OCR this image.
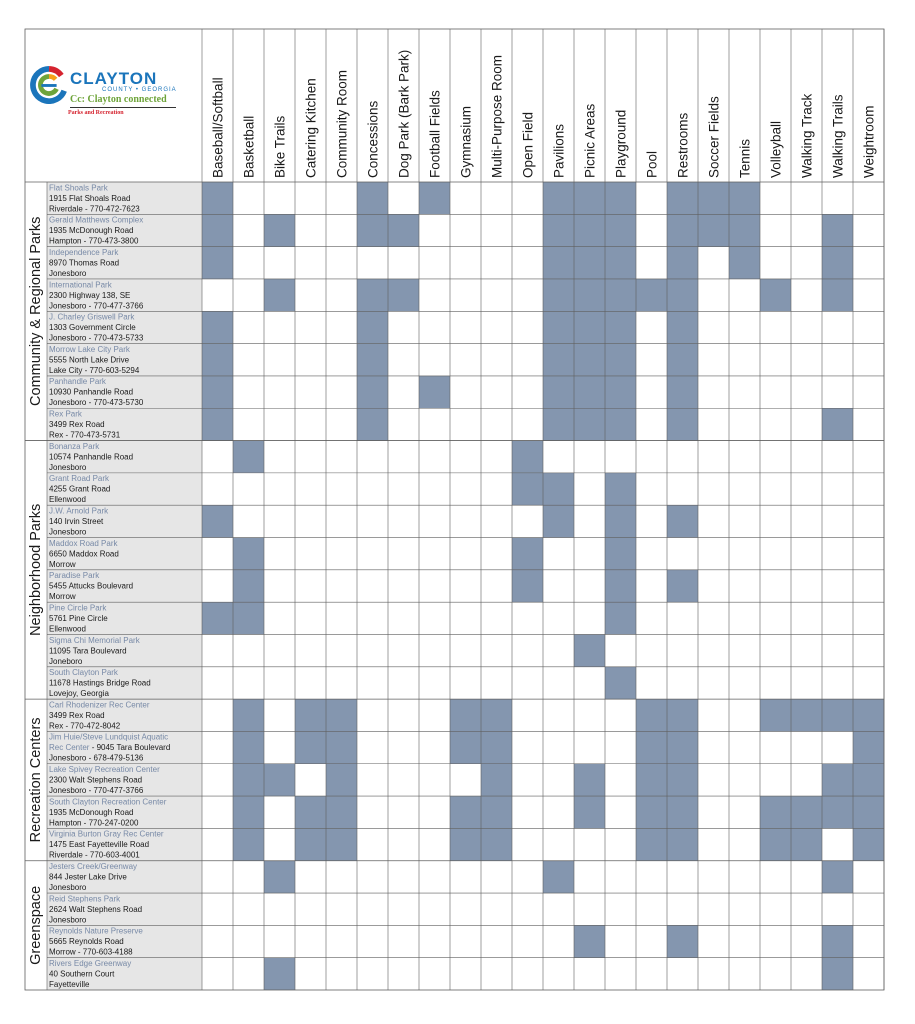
CLAYTON
COUNTY • GEORGIA
Cc: Clayton connected
Parks and Recreation	Baseball/Softball Basketball Bike Trails Catering Kitchen Community Room Concessions Dog Park (Bark Park) Football Fields Gymnasium Multi-Purpose Room Open Field Pavilions Picnic Areas Playground Pool Restrooms Soccer Fields Tennis Volleyball Walking Track Walking Trails Weightroom
Community & Regional Parks
Flat Shoals Park
1915 Flat Shoals Road
Riverdale - 770-472-7623
Gerald Matthews Complex
1935 McDonough Road
Hampton - 770-473-3800
Independence Park
8970 Thomas Road
Jonesboro
International Park
2300 Highway 138, SE
Jonesboro - 770-477-3766
J. Charley Griswell Park
1303 Government Circle
Jonesboro - 770-473-5733
Morrow Lake City Park
5555 North Lake Drive
Lake City - 770-603-5294
Panhandle Park
10930 Panhandle Road
Jonesboro - 770-473-5730
Rex Park
3499 Rex Road
Rex - 770-473-5731
Neighborhood Parks
Bonanza Park
10574 Panhandle Road
Jonesboro
Grant Road Park
4255 Grant Road
Ellenwood
J.W. Arnold Park
140 Irvin Street
Jonesboro
Maddox Road Park
6650 Maddox Road
Morrow
Paradise Park
5455 Attucks Boulevard
Morrow
Pine Circle Park
5761 Pine Circle
Ellenwood
Sigma Chi Memorial Park
11095 Tara Boulevard
Joneboro
South Clayton Park
11678 Hastings Bridge Road
Lovejoy, Georgia
Recreation Centers
Carl Rhodenizer Rec Center
3499 Rex Road
Rex - 770-472-8042
Jim Huie/Steve Lundquist Aquatic
Rec Center - 9045 Tara Boulevard
Jonesboro - 678-479-5136
Lake Spivey Recreation Center
2300 Walt Stephens Road
Jonesboro - 770-477-3766
South Clayton Recreation Center
1935 McDonough Road
Hampton - 770-247-0200
Virginia Burton Gray Rec Center
1475 East Fayetteville Road
Riverdale - 770-603-4001
Greenspace
Jesters Creek/Greenway
844 Jester Lake Drive
Jonesboro
Reid Stephens Park
2624 Walt Stephens Road
Jonesboro
Reynolds Nature Preserve
5665 Reynolds Road
Morrow - 770-603-4188
Rivers Edge Greenway
40 Southern Court
Fayetteville
